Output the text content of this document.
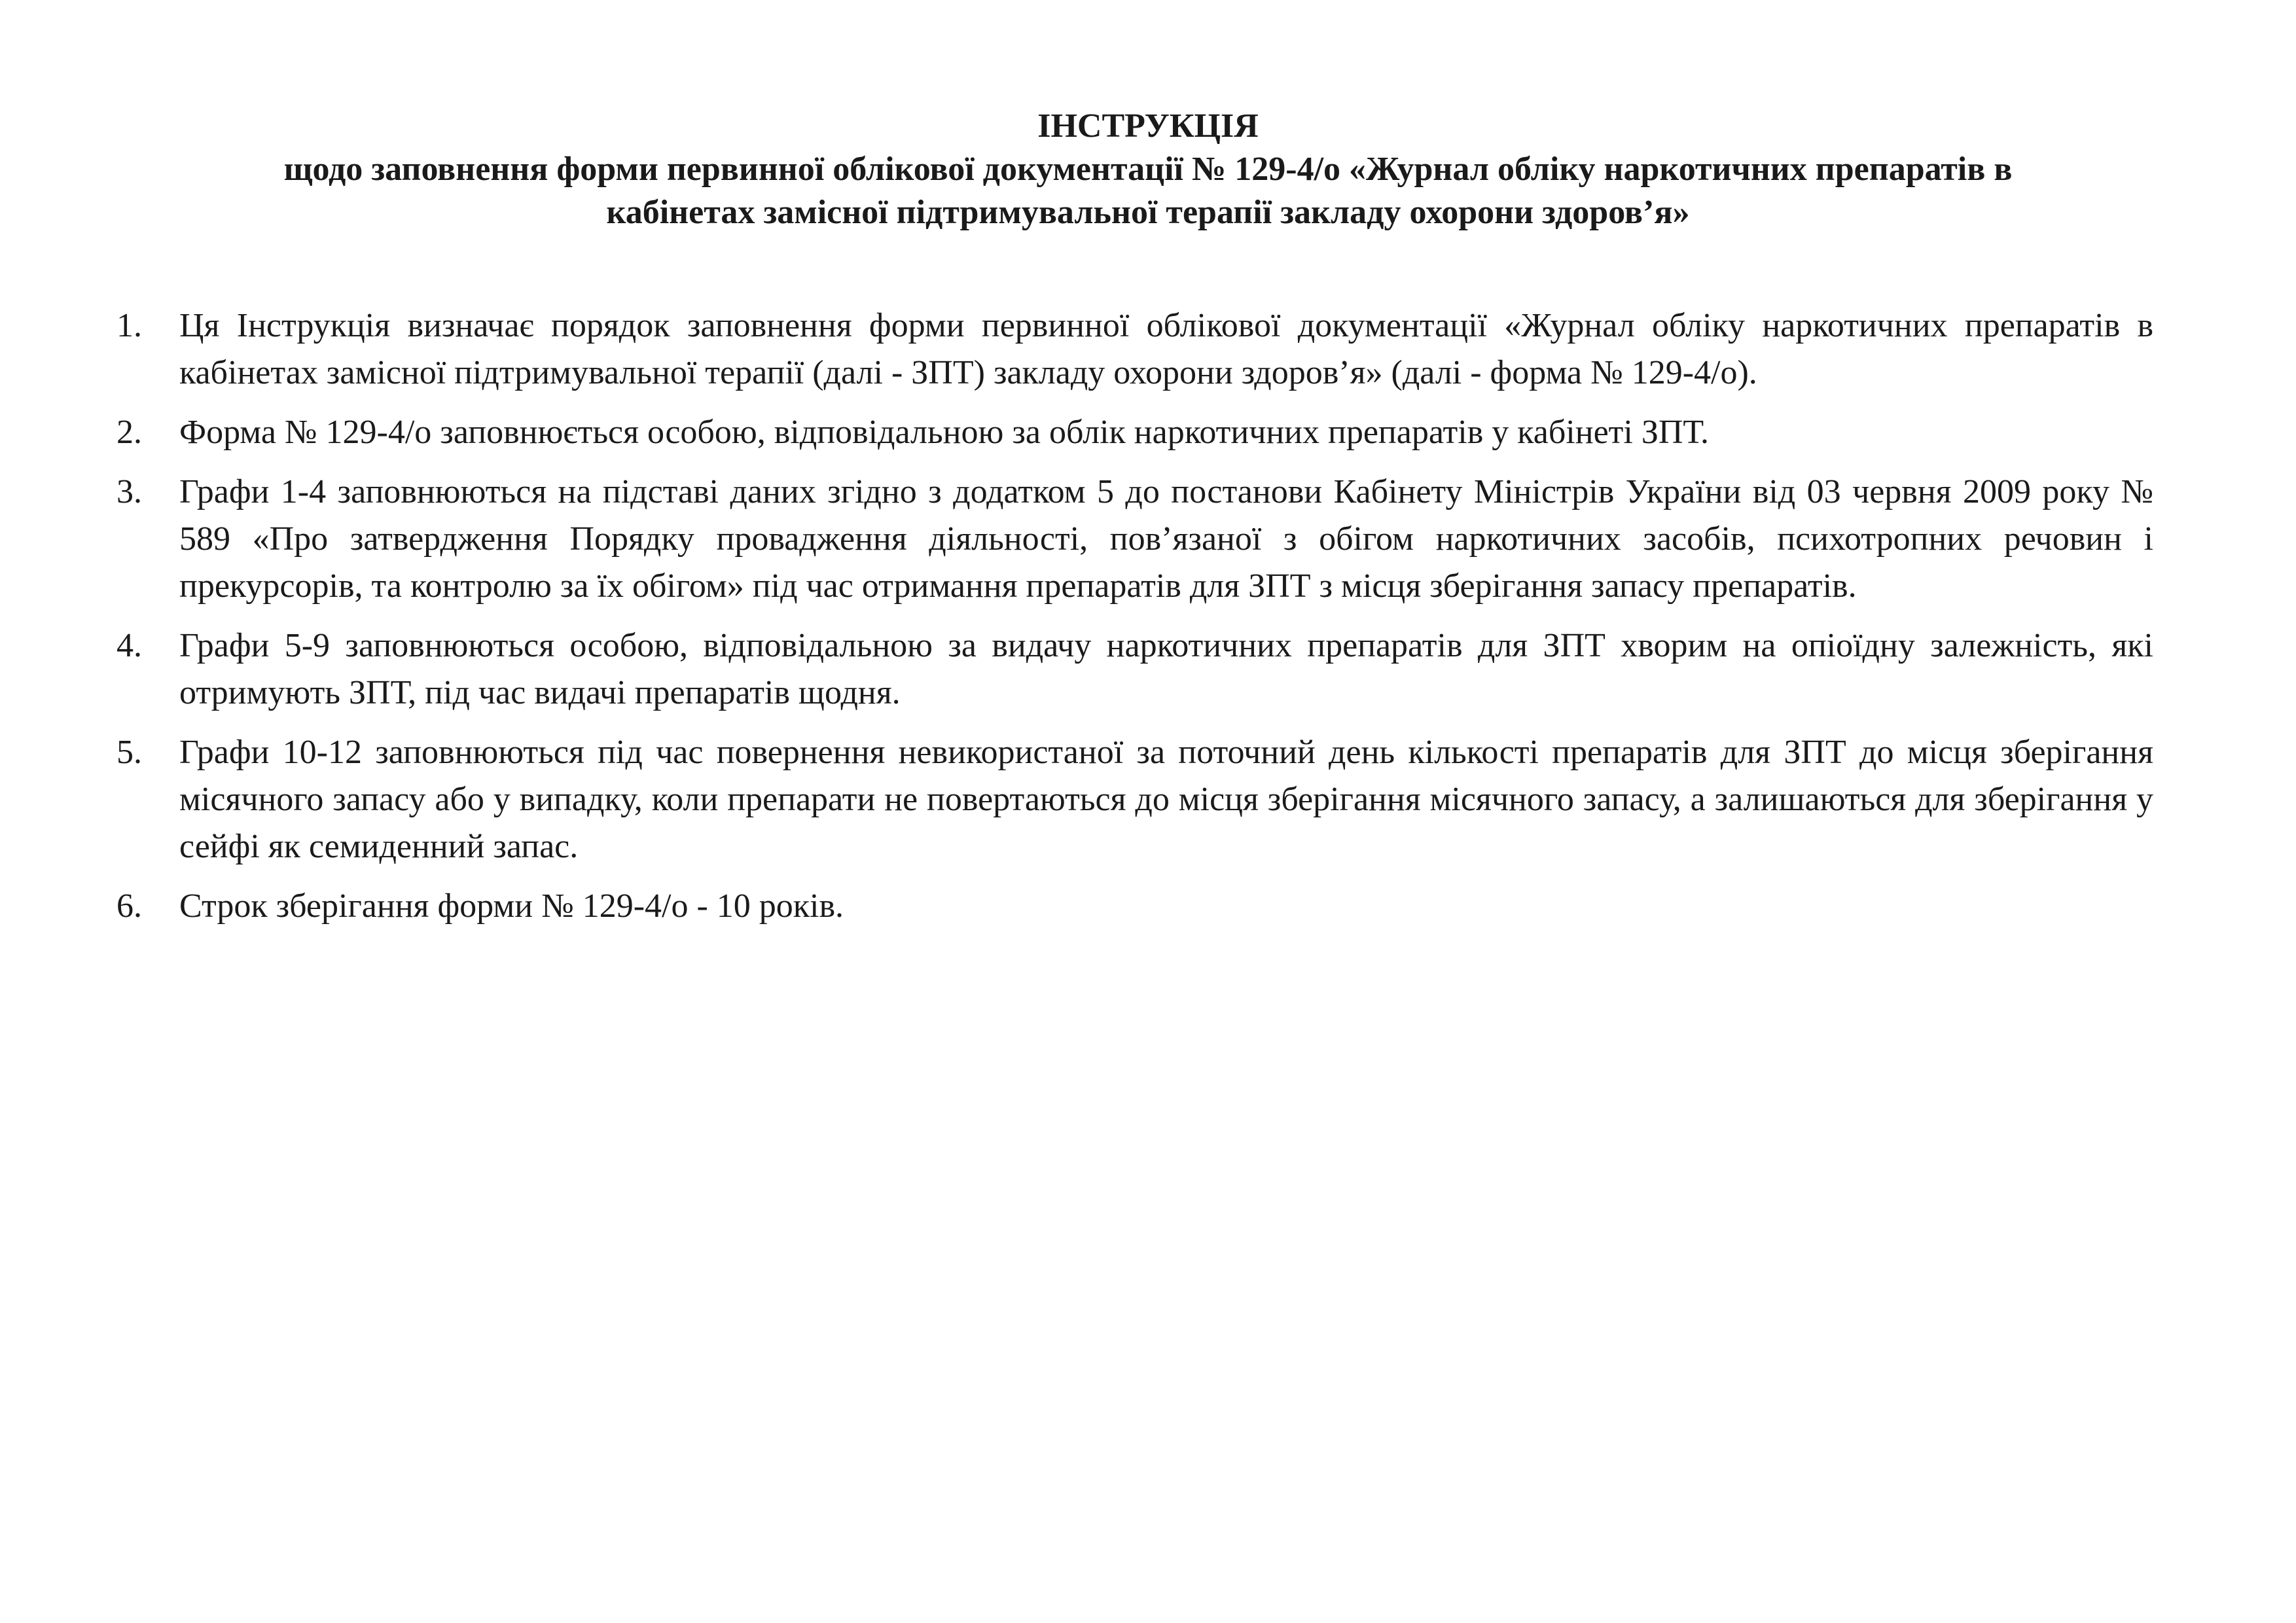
ІНСТРУКЦІЯ
щодо заповнення форми первинної облікової документації № 129-4/о «Журнал обліку наркотичних препаратів в
кабінетах замісної підтримувальної терапії закладу охорони здоров’я»
1. Ця Інструкція визначає порядок заповнення форми первинної облікової документації «Журнал обліку наркотичних препаратів в кабінетах замісної підтримувальної терапії (далі - ЗПТ) закладу охорони здоров’я» (далі - форма № 129-4/о).
2. Форма № 129-4/о заповнюється особою, відповідальною за облік наркотичних препаратів у кабінеті ЗПТ.
3. Графи 1-4 заповнюються на підставі даних згідно з додатком 5 до постанови Кабінету Міністрів України від 03 червня 2009 року № 589 «Про затвердження Порядку провадження діяльності, пов’язаної з обігом наркотичних засобів, психотропних речовин і прекурсорів, та контролю за їх обігом» під час отримання препаратів для ЗПТ з місця зберігання запасу препаратів.
4. Графи 5-9 заповнюються особою, відповідальною за видачу наркотичних препаратів для ЗПТ хворим на опіоїдну залежність, які отримують ЗПТ, під час видачі препаратів щодня.
5. Графи 10-12 заповнюються під час повернення невикористаної за поточний день кількості препаратів для ЗПТ до місця зберігання місячного запасу або у випадку, коли препарати не повертаються до місця зберігання місячного запасу, а залишаються для зберігання у сейфі як семиденний запас.
6. Строк зберігання форми № 129-4/о - 10 років.
